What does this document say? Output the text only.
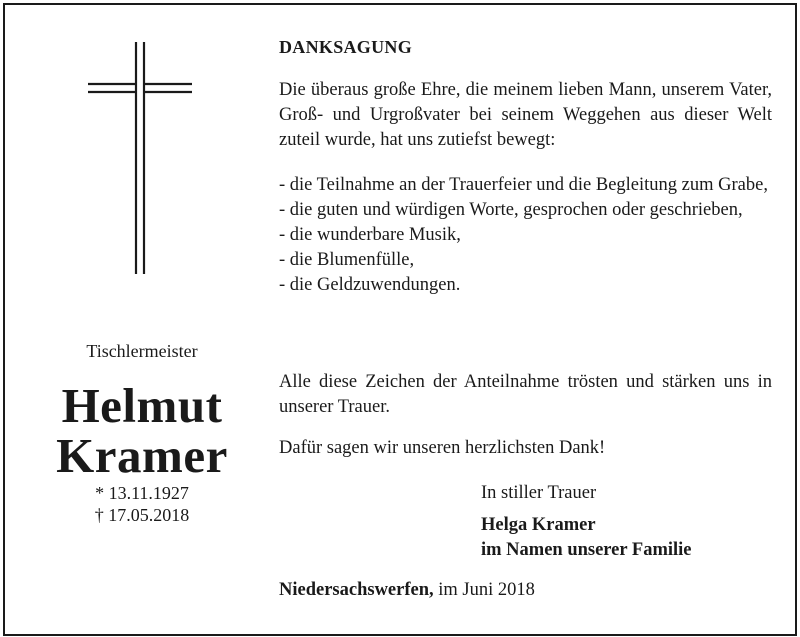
Tischlermeister
Helmut
Kramer
* 13.11.1927
† 17.05.2018
DANKSAGUNG
Die überaus große Ehre, die meinem lieben Mann, unserem Vater, Groß- und Urgroßvater bei seinem Weggehen aus dieser Welt zuteil wurde, hat uns zutiefst bewegt:
- die Teilnahme an der Trauerfeier und die Begleitung zum Grabe,
- die guten und würdigen Worte, gesprochen oder geschrieben,
- die wunderbare Musik,
- die Blumenfülle,
- die Geldzuwendungen.
Alle diese Zeichen der Anteilnahme trösten und stärken uns in unserer Trauer.
Dafür sagen wir unseren herzlichsten Dank!
In stiller Trauer
Helga Kramer
im Namen unserer Familie
Niedersachswerfen, im Juni 2018
